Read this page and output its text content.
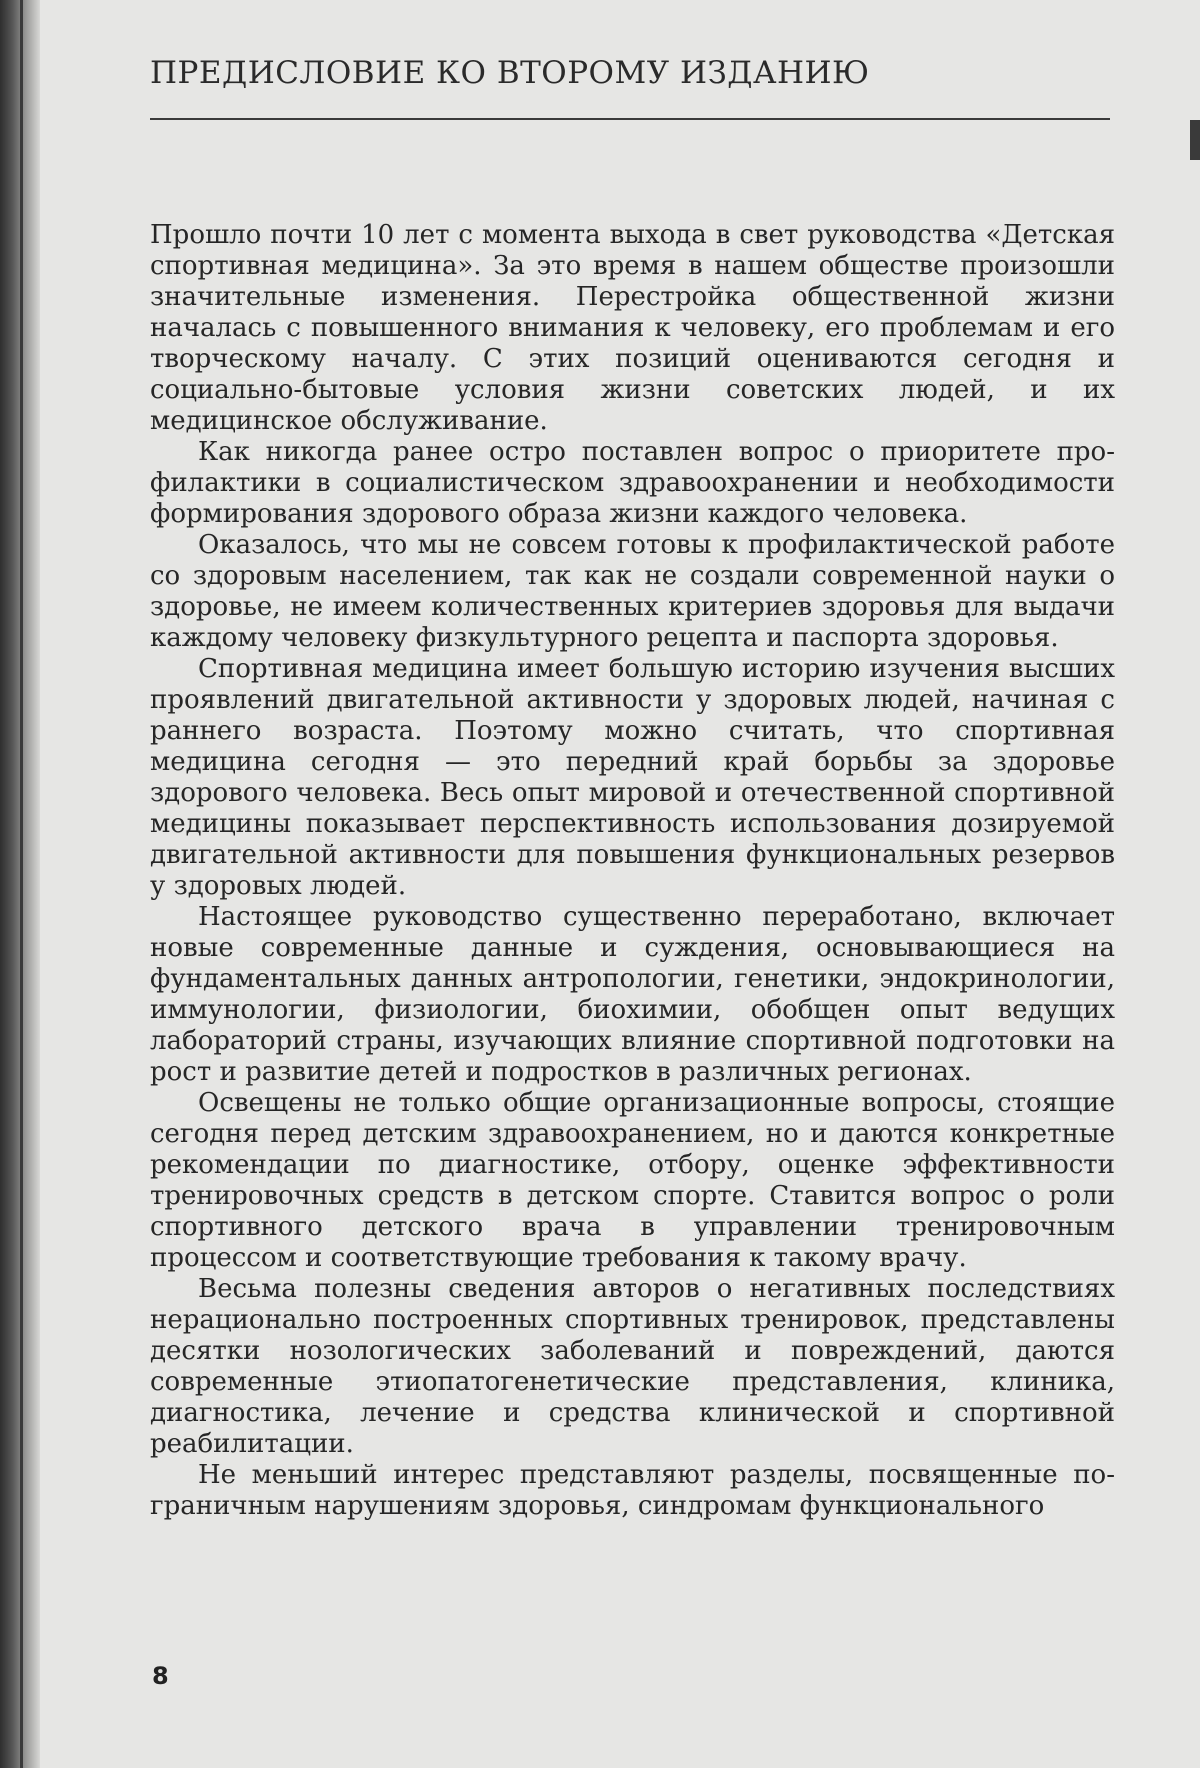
ПРЕДИСЛОВИЕ КО ВТОРОМУ ИЗДАНИЮ

Прошло почти 10 лет с момента выхода в свет руководства «Детская спортивная медицина». За это время в нашем обществе произошли значительные изменения. Перестройка общественной жизни началась с повышенного внимания к человеку, его проблемам и его творческому началу. С этих позиций оцениваются сегодня и социально-бытовые условия жизни советских людей, и их медицинское обслуживание.

Как никогда ранее остро поставлен вопрос о приоритете профилактики в социалистическом здравоохранении и необходимости формирования здорового образа жизни каждого человека.

Оказалось, что мы не совсем готовы к профилактической работе со здоровым населением, так как не создали современной науки о здоровье, не имеем количественных критериев здоровья для выдачи каждому человеку физкультурного рецепта и паспорта здоровья.

Спортивная медицина имеет большую историю изучения высших проявлений двигательной активности у здоровых людей, начиная с раннего возраста. Поэтому можно считать, что спортивная медицина сегодня — это передний край борьбы за здоровье здорового человека. Весь опыт мировой и отечественной спортивной медицины показывает перспективность использования дозируемой двигательной активности для повышения функциональных резервов у здоровых людей.

Настоящее руководство существенно переработано, включает новые современные данные и суждения, основывающиеся на фундаментальных данных антропологии, генетики, эндокринологии, иммунологии, физиологии, биохимии, обобщен опыт ведущих лабораторий страны, изучающих влияние спортивной подготовки на рост и развитие детей и подростков в различных регионах.

Освещены не только общие организационные вопросы, стоящие сегодня перед детским здравоохранением, но и даются конкретные рекомендации по диагностике, отбору, оценке эффективности тренировочных средств в детском спорте. Ставится вопрос о роли спортивного детского врача в управлении тренировочным процессом и соответствующие требования к такому врачу.

Весьма полезны сведения авторов о негативных последствиях нерационально построенных спортивных тренировок, представлены десятки нозологических заболеваний и повреждений, даются современные этиопатогенетические представления, клиника, диагностика, лечение и средства клинической и спортивной реабилитации.

Не меньший интерес представляют разделы, посвященные пограничным нарушениям здоровья, синдромам функционального

8
